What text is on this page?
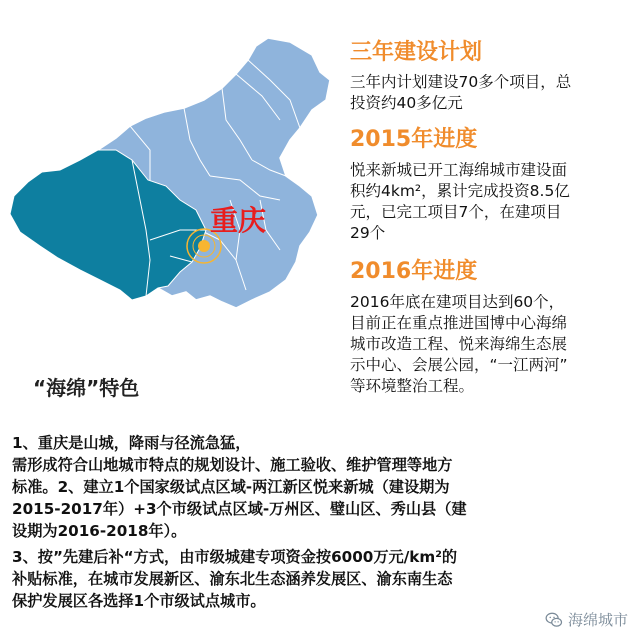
重庆
三年建设计划
三年内计划建设70多个项目，总
投资约40多亿元
2015年进度
悦来新城已开工海绵城市建设面
积约4km²，累计完成投资8.5亿
元，已完工项目7个，在建项目
29个
2016年进度
2016年底在建项目达到60个，
目前正在重点推进国博中心海绵
城市改造工程、悦来海绵生态展
示中心、会展公园，“一江两河”
等环境整治工程。
“海绵”特色
1、重庆是山城，降雨与径流急猛，
需形成符合山地城市特点的规划设计、施工验收、维护管理等地方
标准。2、建立1个国家级试点区域-两江新区悦来新城（建设期为
2015-2017年）+3个市级试点区域-万州区、璧山区、秀山县（建
设期为2016-2018年）。
3、按”先建后补“方式，由市级城建专项资金按6000万元/km²的
补贴标准，在城市发展新区、渝东北生态涵养发展区、渝东南生态
保护发展区各选择1个市级试点城市。
海绵城市
